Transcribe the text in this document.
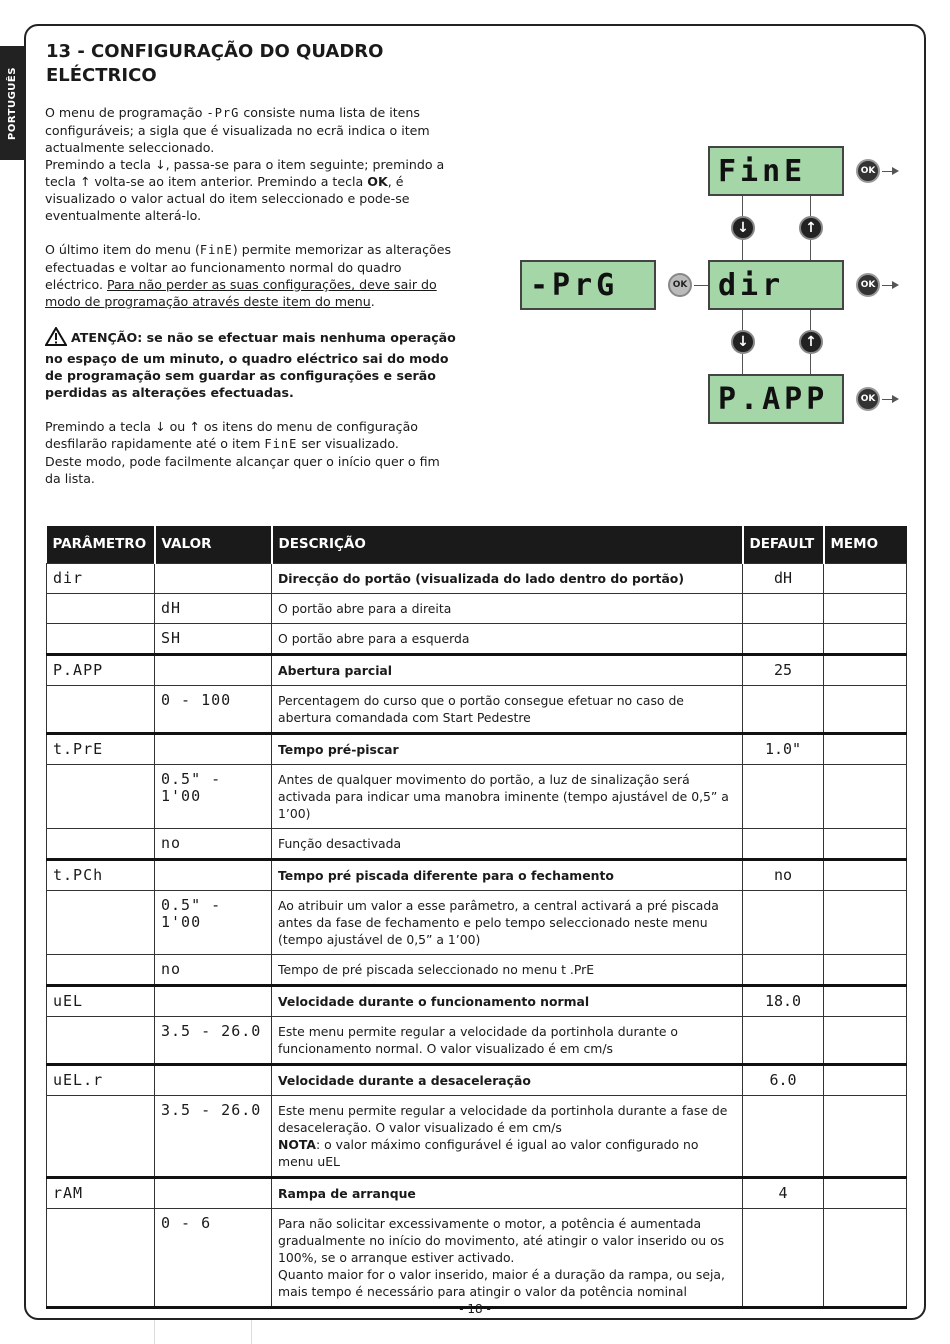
PORTUGUÊS
13 - CONFIGURAÇÃO DO QUADRO ELÉCTRICO

O menu de programação -PrG consiste numa lista de itens configuráveis; a sigla que é visualizada no ecrã indica o item actualmente seleccionado.
Premindo a tecla ↓, passa-se para o item seguinte; premindo a tecla ↑ volta-se ao item anterior. Premindo a tecla OK, é visualizado o valor actual do item seleccionado e pode-se eventualmente alterá-lo.

O último item do menu (FinE) permite memorizar as alterações efectuadas e voltar ao funcionamento normal do quadro eléctrico. Para não perder as suas configurações, deve sair do modo de programação através deste item do menu.

ATENÇÃO: se não se efectuar mais nenhuma operação no espaço de um minuto, o quadro eléctrico sai do modo de programação sem guardar as configurações e serão perdidas as alterações efectuadas.

Premindo a tecla ↓ ou ↑ os itens do menu de configuração desfilarão rapidamente até o item FinE ser visualizado.
Deste modo, pode facilmente alcançar quer o início quer o fim da lista.

-PrG	OK
FinE	OK
dir	OK
P.APP	OK
↓	↑
↓	↑
PARÂMETRO	VALOR	DESCRIÇÃO	DEFAULT	MEMO
dir		Direcção do portão (visualizada do lado dentro do portão)	dH	
	dH	O portão abre para a direita		
	SH	O portão abre para a esquerda		
P.APP		Abertura parcial	25	
	0 - 100	Percentagem do curso que o portão consegue efetuar no caso de abertura comandada com Start Pedestre		
t.PrE		Tempo pré-piscar	1.0"	
	0.5" - 1'00	Antes de qualquer movimento do portão, a luz de sinalização será activada para indicar uma manobra iminente (tempo ajustável de 0,5” a 1’00)		
	no	Função desactivada		
t.PCh		Tempo pré piscada diferente para o fechamento	no	
	0.5" - 1'00	Ao atribuir um valor a esse parâmetro, a central activará a pré piscada antes da fase de fechamento e pelo tempo seleccionado neste menu (tempo ajustável de 0,5” a 1’00)		
	no	Tempo de pré piscada seleccionado no menu t .PrE		
uEL		Velocidade durante o funcionamento normal	18.0	
	3.5 - 26.0	Este menu permite regular a velocidade da portinhola durante o funcionamento normal. O valor visualizado é em cm/s		
uEL.r		Velocidade durante a desaceleração	6.0	
	3.5 - 26.0	Este menu permite regular a velocidade da portinhola durante a fase de desaceleração. O valor visualizado é em cm/s
NOTA: o valor máximo configurável é igual ao valor configurado no menu uEL		
rAM		Rampa de arranque	4	
	0 - 6	Para não solicitar excessivamente o motor, a potência é aumentada gradualmente no início do movimento, até atingir o valor inserido ou os 100%, se o arranque estiver activado.
Quanto maior for o valor inserido, maior é a duração da rampa, ou seja, mais tempo é necessário para atingir o valor da potência nominal		
- 18 -
